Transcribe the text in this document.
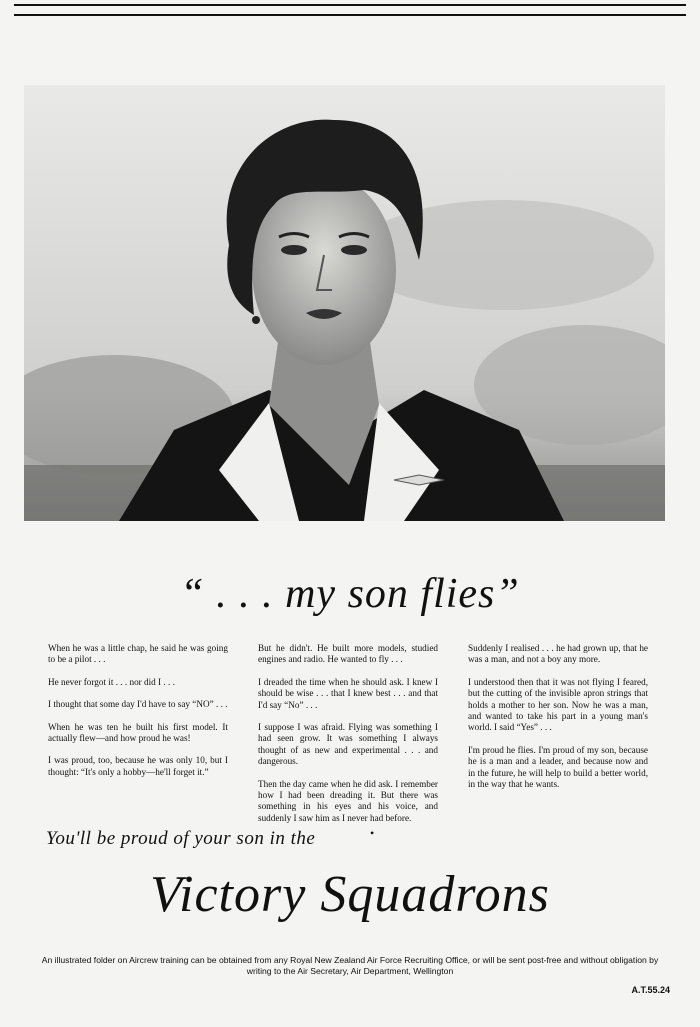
“ . . . my son flies”

When he was a little chap, he said he was going to be a pilot . . .

He never forgot it . . . nor did I . . .

I thought that some day I'd have to say “NO” . . .

When he was ten he built his first model. It actually flew—and how proud he was!

I was proud, too, because he was only 10, but I thought: “It's only a hobby—he'll forget it.”

But he didn't. He built more models, studied engines and radio. He wanted to fly . . .

I dreaded the time when he should ask. I knew I should be wise . . . that I knew best . . . and that I'd say “No” . . .

I suppose I was afraid. Flying was something I had seen grow. It was something I always thought of as new and experimental . . . and dangerous.

Then the day came when he did ask. I remember how I had been dreading it. But there was something in his eyes and his voice, and suddenly I saw him as I never had before.

Suddenly I realised . . . he had grown up, that he was a man, and not a boy any more.

I understood then that it was not flying I feared, but the cutting of the invisible apron strings that holds a mother to her son. Now he was a man, and wanted to take his part in a young man's world. I said “Yes” . . .

I'm proud he flies. I'm proud of my son, because he is a man and a leader, and because now and in the future, he will help to build a better world, in the way that he wants.

You'll be proud of your son in the	•
Victory Squadrons
An illustrated folder on Aircrew training can be obtained from any Royal New Zealand Air Force Recruiting Office, or will be sent post-free and without obligation by writing to the Air Secretary, Air Department, Wellington
A.T.55.24
